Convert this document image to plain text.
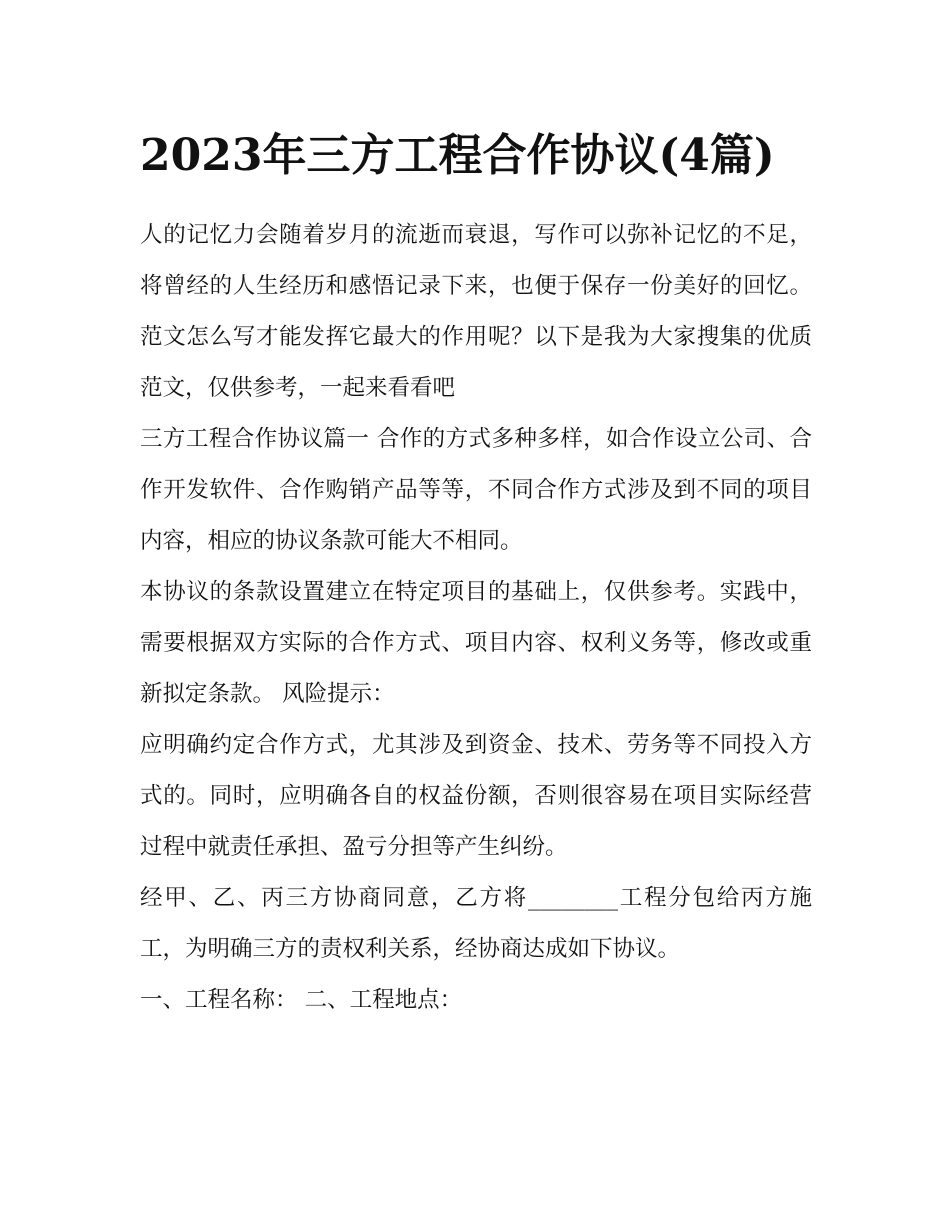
2023年三方工程合作协议(4篇)

人的记忆力会随着岁月的流逝而衰退，写作可以弥补记忆的不足，将曾经的人生经历和感悟记录下来，也便于保存一份美好的回忆。范文怎么写才能发挥它最大的作用呢？以下是我为大家搜集的优质范文，仅供参考，一起来看看吧

三方工程合作协议篇一 合作的方式多种多样，如合作设立公司、合作开发软件、合作购销产品等等，不同合作方式涉及到不同的项目内容，相应的协议条款可能大不相同。

本协议的条款设置建立在特定项目的基础上，仅供参考。实践中，需要根据双方实际的合作方式、项目内容、权利义务等，修改或重新拟定条款。 风险提示：

应明确约定合作方式，尤其涉及到资金、技术、劳务等不同投入方式的。同时，应明确各自的权益份额，否则很容易在项目实际经营过程中就责任承担、盈亏分担等产生纠纷。

经甲、乙、丙三方协商同意，乙方将________工程分包给丙方施工，为明确三方的责权利关系，经协商达成如下协议。

一、工程名称： 二、工程地点：
